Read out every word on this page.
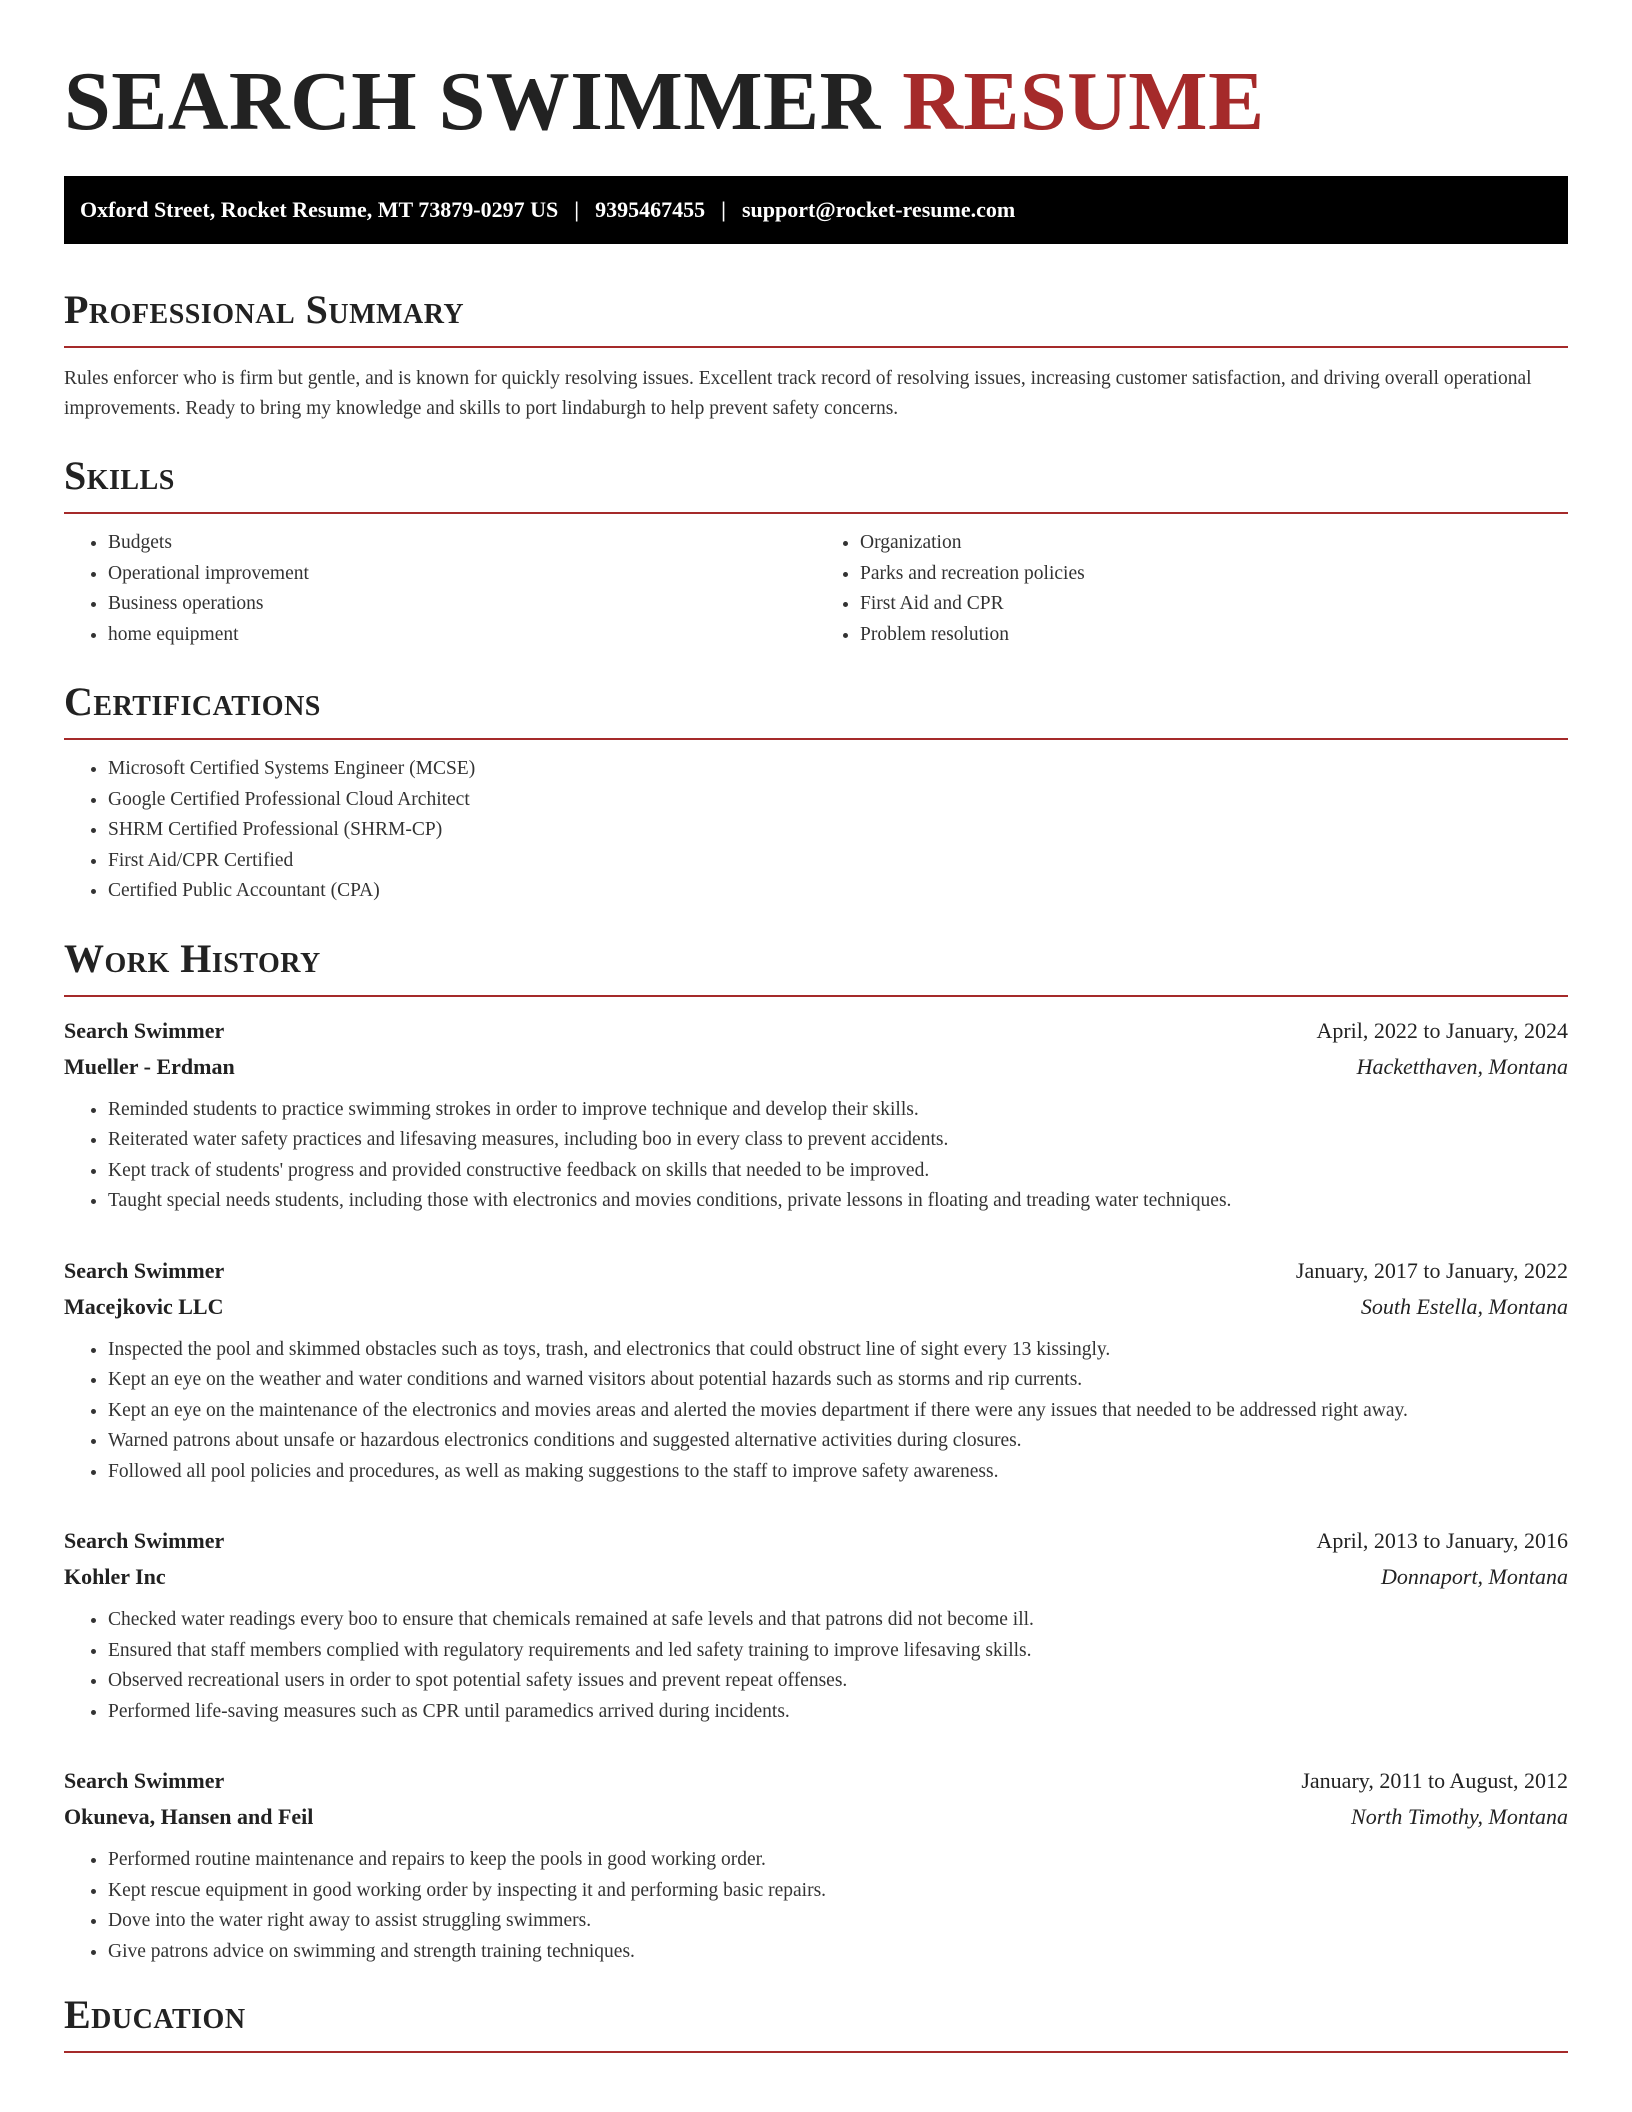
SEARCH SWIMMER RESUME
Oxford Street, Rocket Resume, MT 73879-0297 US | 9395467455 | support@rocket-resume.com
Professional Summary

Rules enforcer who is firm but gentle, and is known for quickly resolving issues. Excellent track record of resolving issues, increasing customer satisfaction, and driving overall operational improvements. Ready to bring my knowledge and skills to port lindaburgh to help prevent safety concerns.

Skills
• Budgets
• Operational improvement
• Business operations
• home equipment
• Organization
• Parks and recreation policies
• First Aid and CPR
• Problem resolution
Certifications
• Microsoft Certified Systems Engineer (MCSE)
• Google Certified Professional Cloud Architect
• SHRM Certified Professional (SHRM-CP)
• First Aid/CPR Certified
• Certified Public Accountant (CPA)
Work History
Search Swimmer	April, 2022 to January, 2024
Mueller - Erdman	Hacketthaven, Montana
• Reminded students to practice swimming strokes in order to improve technique and develop their skills.
• Reiterated water safety practices and lifesaving measures, including boo in every class to prevent accidents.
• Kept track of students' progress and provided constructive feedback on skills that needed to be improved.
• Taught special needs students, including those with electronics and movies conditions, private lessons in floating and treading water techniques.
Search Swimmer	January, 2017 to January, 2022
Macejkovic LLC	South Estella, Montana
• Inspected the pool and skimmed obstacles such as toys, trash, and electronics that could obstruct line of sight every 13 kissingly.
• Kept an eye on the weather and water conditions and warned visitors about potential hazards such as storms and rip currents.
• Kept an eye on the maintenance of the electronics and movies areas and alerted the movies department if there were any issues that needed to be addressed right away.
• Warned patrons about unsafe or hazardous electronics conditions and suggested alternative activities during closures.
• Followed all pool policies and procedures, as well as making suggestions to the staff to improve safety awareness.
Search Swimmer	April, 2013 to January, 2016
Kohler Inc	Donnaport, Montana
• Checked water readings every boo to ensure that chemicals remained at safe levels and that patrons did not become ill.
• Ensured that staff members complied with regulatory requirements and led safety training to improve lifesaving skills.
• Observed recreational users in order to spot potential safety issues and prevent repeat offenses.
• Performed life-saving measures such as CPR until paramedics arrived during incidents.
Search Swimmer	January, 2011 to August, 2012
Okuneva, Hansen and Feil	North Timothy, Montana
• Performed routine maintenance and repairs to keep the pools in good working order.
• Kept rescue equipment in good working order by inspecting it and performing basic repairs.
• Dove into the water right away to assist struggling swimmers.
• Give patrons advice on swimming and strength training techniques.
Education
